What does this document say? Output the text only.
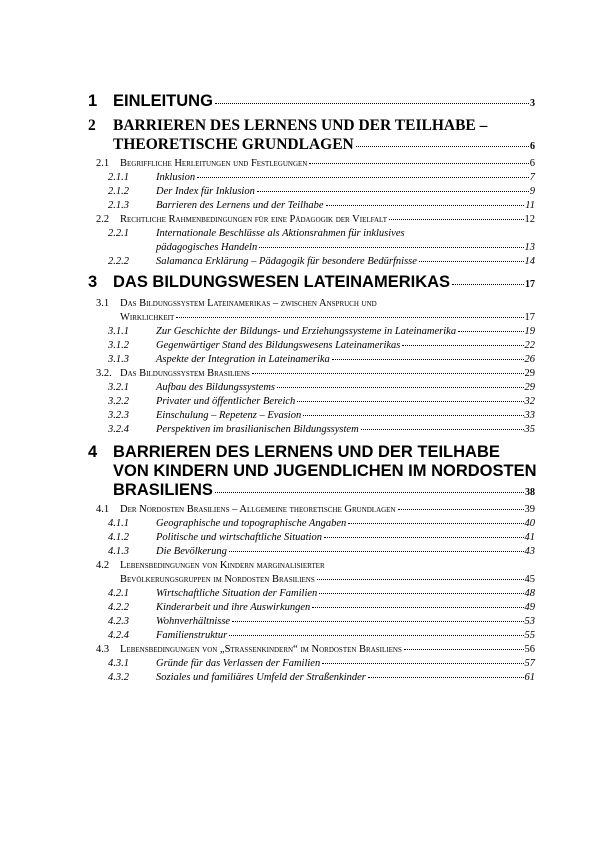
1 EINLEITUNG	3
2	BARRIEREN DES LERNENS UND DER TEILHABE –
THEORETISCHE GRUNDLAGEN	6
2.1	Begriffliche Herleitungen und Festlegungen	6
2.1.1	Inklusion	7
2.1.2	Der Index für Inklusion	9
2.1.3	Barrieren des Lernens und der Teilhabe	11
2.2	Rechtliche Rahmenbedingungen für eine Pädagogik der Vielfalt	12
2.2.1	Internationale Beschlüsse als Aktionsrahmen für inklusives
pädagogisches Handeln	13
2.2.2	Salamanca Erklärung – Pädagogik für besondere Bedürfnisse	14
3 DAS BILDUNGSWESEN LATEINAMERIKAS	17
3.1	Das Bildungssystem Lateinamerikas – zwischen Anspruch und
Wirklichkeit	17
3.1.1	Zur Geschichte der Bildungs- und Erziehungssysteme in Lateinamerika	19
3.1.2	Gegenwärtiger Stand des Bildungswesens Lateinamerikas	22
3.1.3	Aspekte der Integration in Lateinamerika	26
3.2. Das Bildungssystem Brasiliens	29
3.2.1	Aufbau des Bildungssystems	29
3.2.2	Privater und öffentlicher Bereich	32
3.2.3	Einschulung – Repetenz – Evasion	33
3.2.4	Perspektiven im brasilianischen Bildungssystem	35
4 BARRIEREN DES LERNENS UND DER TEILHABE
VON KINDERN UND JUGENDLICHEN IM NORDOSTEN
BRASILIENS	38
4.1	Der Nordosten Brasiliens – Allgemeine theoretische Grundlagen	39
4.1.1	Geographische und topographische Angaben	40
4.1.2	Politische und wirtschaftliche Situation	41
4.1.3	Die Bevölkerung	43
4.2	Lebensbedingungen von Kindern marginalisierter
Bevölkerungsgruppen im Nordosten Brasiliens	45
4.2.1	Wirtschaftliche Situation der Familien	48
4.2.2	Kinderarbeit und ihre Auswirkungen	49
4.2.3	Wohnverhältnisse	53
4.2.4	Familienstruktur	55
4.3	Lebensbedingungen von „Straßenkindern“ im Nordosten Brasiliens	56
4.3.1	Gründe für das Verlassen der Familien	57
4.3.2	Soziales und familiäres Umfeld der Straßenkinder	61
